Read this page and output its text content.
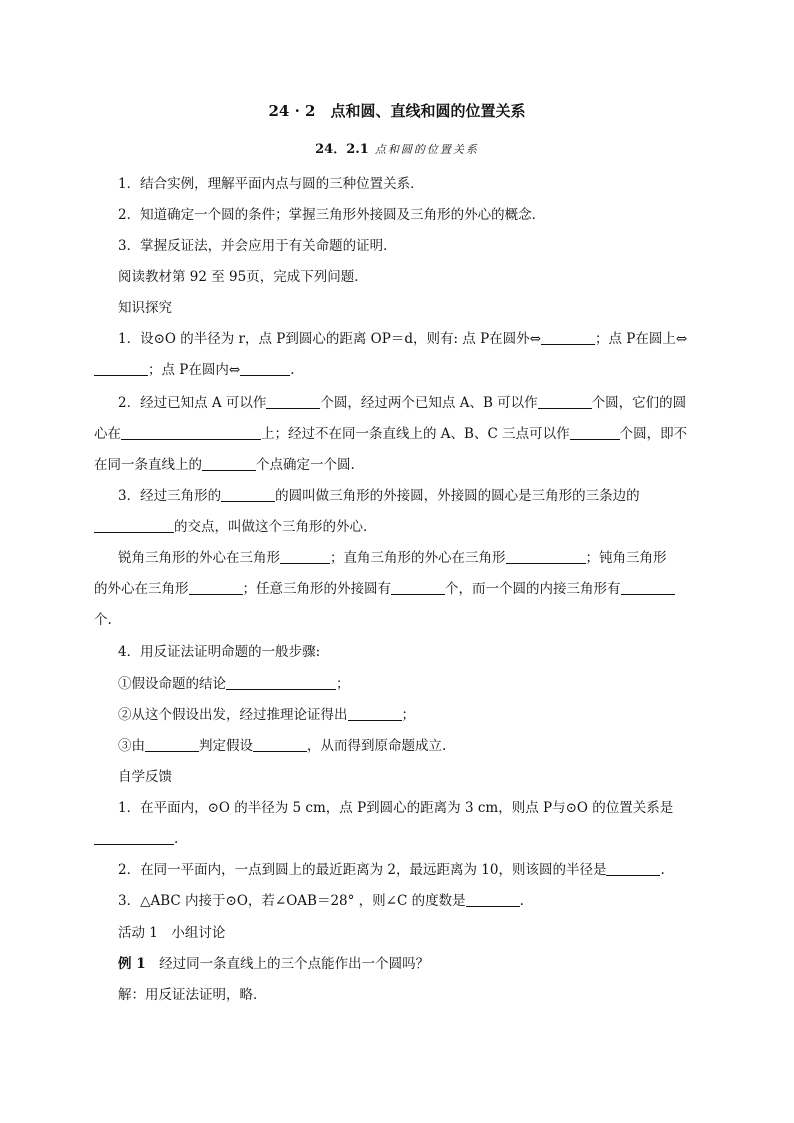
24 · 2　点和圆、直线和圆的位置关系
24．2.1 点和圆的位置关系
1．结合实例，理解平面内点与圆的三种位置关系．
2．知道确定一个圆的条件；掌握三角形外接圆及三角形的外心的概念．
3．掌握反证法，并会应用于有关命题的证明．
阅读教材第 92 至 95页，完成下列问题．
知识探究
1．设⊙O 的半径为 r，点 P到圆心的距离 OP＝d，则有: 点 P在圆外⇔	；点 P在圆上⇔
；点 P在圆内⇔	.
2．经过已知点 A 可以作	个圆，经过两个已知点 A、B 可以作	个圆，它们的圆
心在	上；经过不在同一条直线上的 A、B、C 三点可以作	个圆，即不
在同一条直线上的	个点确定一个圆.
3．经过三角形的	的圆叫做三角形的外接圆，外接圆的圆心是三角形的三条边的
的交点，叫做这个三角形的外心．
锐角三角形的外心在三角形	；直角三角形的外心在三角形	；钝角三角形
的外心在三角形	；任意三角形的外接圆有	个，而一个圆的内接三角形有
个.
4．用反证法证明命题的一般步骤:
①假设命题的结论	；
②从这个假设出发，经过推理论证得出	；
③由	判定假设	，从而得到原命题成立.
自学反馈
1．在平面内，⊙O 的半径为 5 cm，点 P到圆心的距离为 3 cm，则点 P与⊙O 的位置关系是
.
2．在同一平面内，一点到圆上的最近距离为 2，最远距离为 10，则该圆的半径是	.
3．△ABC 内接于⊙O，若∠OAB＝28° ，则∠C 的度数是	.
活动 1　小组讨论
例 1　经过同一条直线上的三个点能作出一个圆吗？
解：用反证法证明，略．
